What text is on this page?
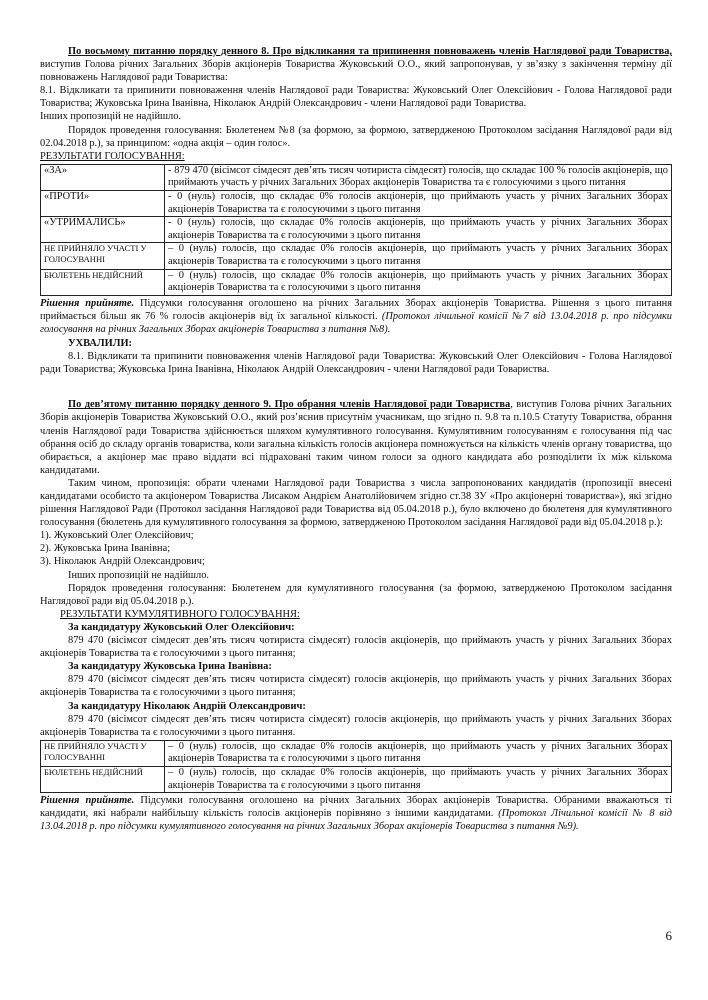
По восьмому питанню порядку денного 8. Про відкликання та припинення повноважень членів Наглядової ради Товариства, виступив Голова річних Загальних Зборів акціонерів Товариства Жуковський О.О., який запропонував, у зв’язку з закінчення терміну дії повноважень Наглядової ради Товариства:

8.1. Відкликати та припинити повноваження членів Наглядової ради Товариства: Жуковський Олег Олексійович - Голова Наглядової ради Товариства; Жуковська Ірина Іванівна, Ніколаюк Андрій Олександрович - члени Наглядової ради Товариства.

Інших пропозицій не надійшло.

Порядок проведення голосування: Бюлетенем №8 (за формою, за формою, затвердженою Протоколом засідання Наглядової ради від 02.04.2018 р.), за принципом: «одна акція – один голос».

РЕЗУЛЬТАТИ ГОЛОСУВАННЯ:

«ЗА»	- 879 470 (вісімсот сімдесят дев’ять тисяч чотириста сімдесят) голосів, що складає 100 % голосів акціонерів, що приймають участь у річних Загальних Зборах акціонерів Товариства та є голосуючими з цього питання
«ПРОТИ»	- 0 (нуль) голосів, що складає 0% голосів акціонерів, що приймають участь у річних Загальних Зборах акціонерів Товариства та є голосуючими з цього питання
«УТРИМАЛИСЬ»	- 0 (нуль) голосів, що складає 0% голосів акціонерів, що приймають участь у річних Загальних Зборах акціонерів Товариства та є голосуючими з цього питання
НЕ ПРИЙНЯЛО УЧАСТІ У ГОЛОСУВАННІ	– 0 (нуль) голосів, що складає 0% голосів акціонерів, що приймають участь у річних Загальних Зборах акціонерів Товариства та є голосуючими з цього питання
БЮЛЕТЕНЬ НЕДІЙСНИЙ	– 0 (нуль) голосів, що складає 0% голосів акціонерів, що приймають участь у річних Загальних Зборах акціонерів Товариства та є голосуючими з цього питання

Рішення прийняте. Підсумки голосування оголошено на річних Загальних Зборах акціонерів Товариства. Рішення з цього питання приймається більш як 76 % голосів акціонерів від їх загальної кількості. (Протокол лічильної комісії №7 від 13.04.2018 р. про підсумки голосування на річних Загальних Зборах акціонерів Товариства з питання №8).

УХВАЛИЛИ:

8.1. Відкликати та припинити повноваження членів Наглядової ради Товариства: Жуковський Олег Олексійович - Голова Наглядової ради Товариства; Жуковська Ірина Іванівна, Ніколаюк Андрій Олександрович - члени Наглядової ради Товариства.

По дев’ятому питанню порядку денного 9. Про обрання членів Наглядової ради Товариства, виступив Голова річних Загальних Зборів акціонерів Товариства Жуковський О.О., який роз’яснив присутнім учасникам, що згідно п. 9.8 та п.10.5 Статуту Товариства, обрання членів Наглядової ради Товариства здійснюється шляхом кумулятивного голосування. Кумулятивним голосуванням є голосування під час обрання осіб до складу органів товариства, коли загальна кількість голосів акціонера помножується на кількість членів органу товариства, що обирається, а акціонер має право віддати всі підраховані таким чином голоси за одного кандидата або розподілити їх між кількома кандидатами.

Таким чином, пропозиція: обрати членами Наглядової ради Товариства з числа запропонованих кандидатів (пропозиції внесені кандидатами особисто та акціонером Товариства Лисаком Андрієм Анатолійовичем згідно ст.38 ЗУ «Про акціонерні товариства»), які згідно рішення Наглядової Ради (Протокол засідання Наглядової ради Товариства від 05.04.2018 р.), було включено до бюлетеня для кумулятивного голосування (бюлетень для кумулятивного голосування за формою, затвердженою Протоколом засідання Наглядової ради від 05.04.2018 р.):

1). Жуковський Олег Олексійович;

2). Жуковська Ірина Іванівна;

3). Ніколаюк Андрій Олександрович;

Інших пропозицій не надійшло.

Порядок проведення голосування: Бюлетенем для кумулятивного голосування (за формою, затвердженою Протоколом засідання Наглядової ради від 05.04.2018 р.).

РЕЗУЛЬТАТИ КУМУЛЯТИВНОГО ГОЛОСУВАННЯ:

За кандидатуру Жуковський Олег Олексійович:

879 470 (вісімсот сімдесят дев’ять тисяч чотириста сімдесят) голосів акціонерів, що приймають участь у річних Загальних Зборах акціонерів Товариства та є голосуючими з цього питання;

За кандидатуру Жуковська Ірина Іванівна:

879 470 (вісімсот сімдесят дев’ять тисяч чотириста сімдесят) голосів акціонерів, що приймають участь у річних Загальних Зборах акціонерів Товариства та є голосуючими з цього питання;

За кандидатуру Ніколаюк Андрій Олександрович:

879 470 (вісімсот сімдесят дев’ять тисяч чотириста сімдесят) голосів акціонерів, що приймають участь у річних Загальних Зборах акціонерів Товариства та є голосуючими з цього питання.

НЕ ПРИЙНЯЛО УЧАСТІ У ГОЛОСУВАННІ	– 0 (нуль) голосів, що складає 0% голосів акціонерів, що приймають участь у річних Загальних Зборах акціонерів Товариства та є голосуючими з цього питання
БЮЛЕТЕНЬ НЕДІЙСНИЙ	– 0 (нуль) голосів, що складає 0% голосів акціонерів, що приймають участь у річних Загальних Зборах акціонерів Товариства та є голосуючими з цього питання

Рішення прийняте. Підсумки голосування оголошено на річних Загальних Зборах акціонерів Товариства. Обраними вважаються ті кандидати, які набрали найбільшу кількість голосів акціонерів порівняно з іншими кандидатами. (Протокол Лічильної комісії № 8 від 13.04.2018 р. про підсумки кумулятивного голосування на річних Загальних Зборах акціонерів Товариства з питання №9).

6
